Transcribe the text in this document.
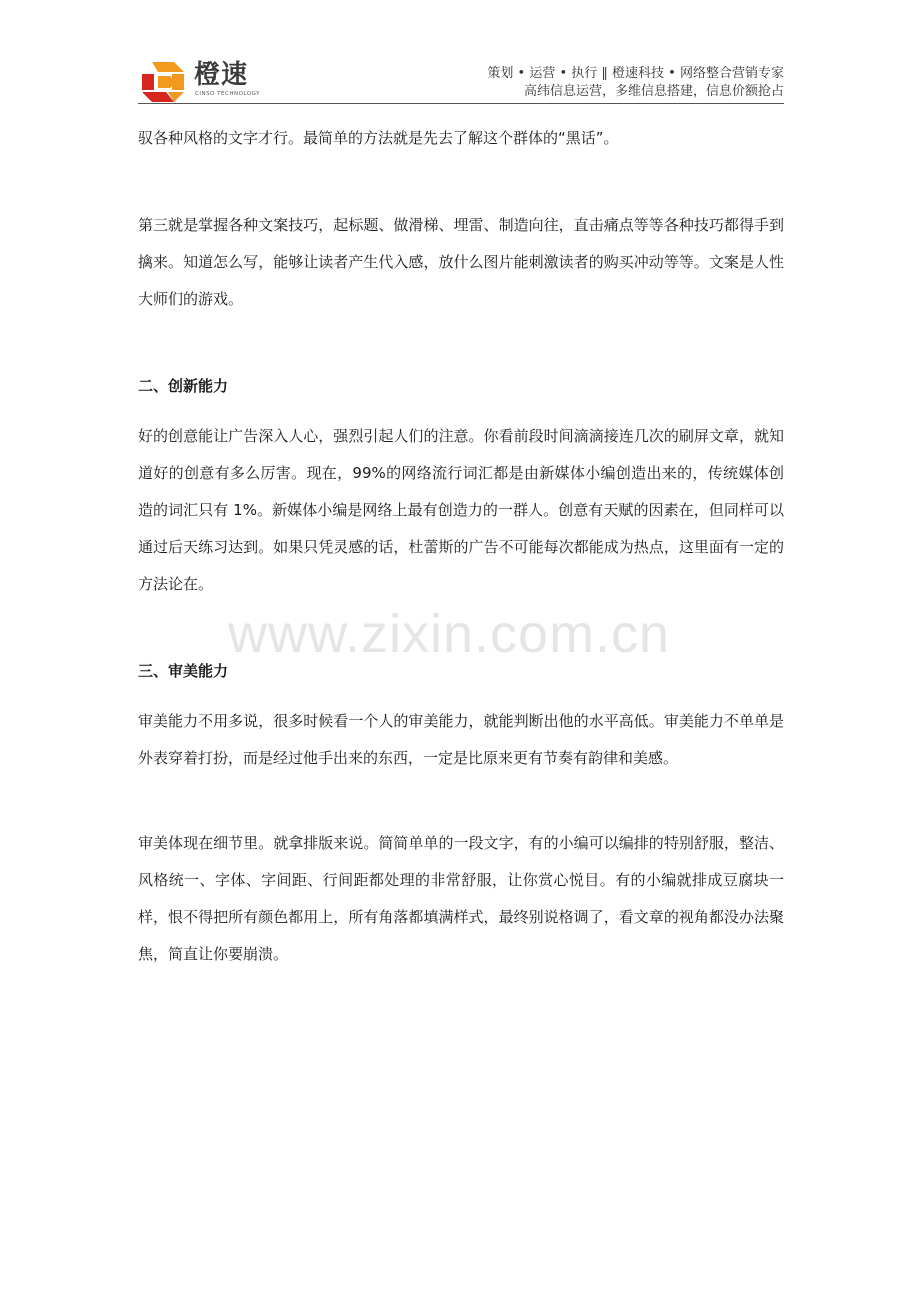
橙速
CINSO TECHNOLOGY
策划 • 运营 • 执行 ‖ 橙速科技 • 网络整合营销专家
高纬信息运营，多维信息搭建，信息价额抢占

驭各种风格的文字才行。最简单的方法就是先去了解这个群体的“黑话”。

第三就是掌握各种文案技巧，起标题、做滑梯、埋雷、制造向往，直击痛点等等各种技巧都得手到擒来。知道怎么写，能够让读者产生代入感，放什么图片能刺激读者的购买冲动等等。文案是人性大师们的游戏。

二、创新能力

好的创意能让广告深入人心，强烈引起人们的注意。你看前段时间滴滴接连几次的刷屏文章，就知道好的创意有多么厉害。现在，99%的网络流行词汇都是由新媒体小编创造出来的，传统媒体创造的词汇只有 1%。新媒体小编是网络上最有创造力的一群人。创意有天赋的因素在，但同样可以通过后天练习达到。如果只凭灵感的话，杜蕾斯的广告不可能每次都能成为热点，这里面有一定的方法论在。

三、审美能力

审美能力不用多说，很多时候看一个人的审美能力，就能判断出他的水平高低。审美能力不单单是外表穿着打扮，而是经过他手出来的东西，一定是比原来更有节奏有韵律和美感。

审美体现在细节里。就拿排版来说。简简单单的一段文字，有的小编可以编排的特别舒服，整洁、风格统一、字体、字间距、行间距都处理的非常舒服，让你赏心悦目。有的小编就排成豆腐块一样，恨不得把所有颜色都用上，所有角落都填满样式，最终别说格调了，看文章的视角都没办法聚焦，简直让你要崩溃。

www.zixin.com.cn
